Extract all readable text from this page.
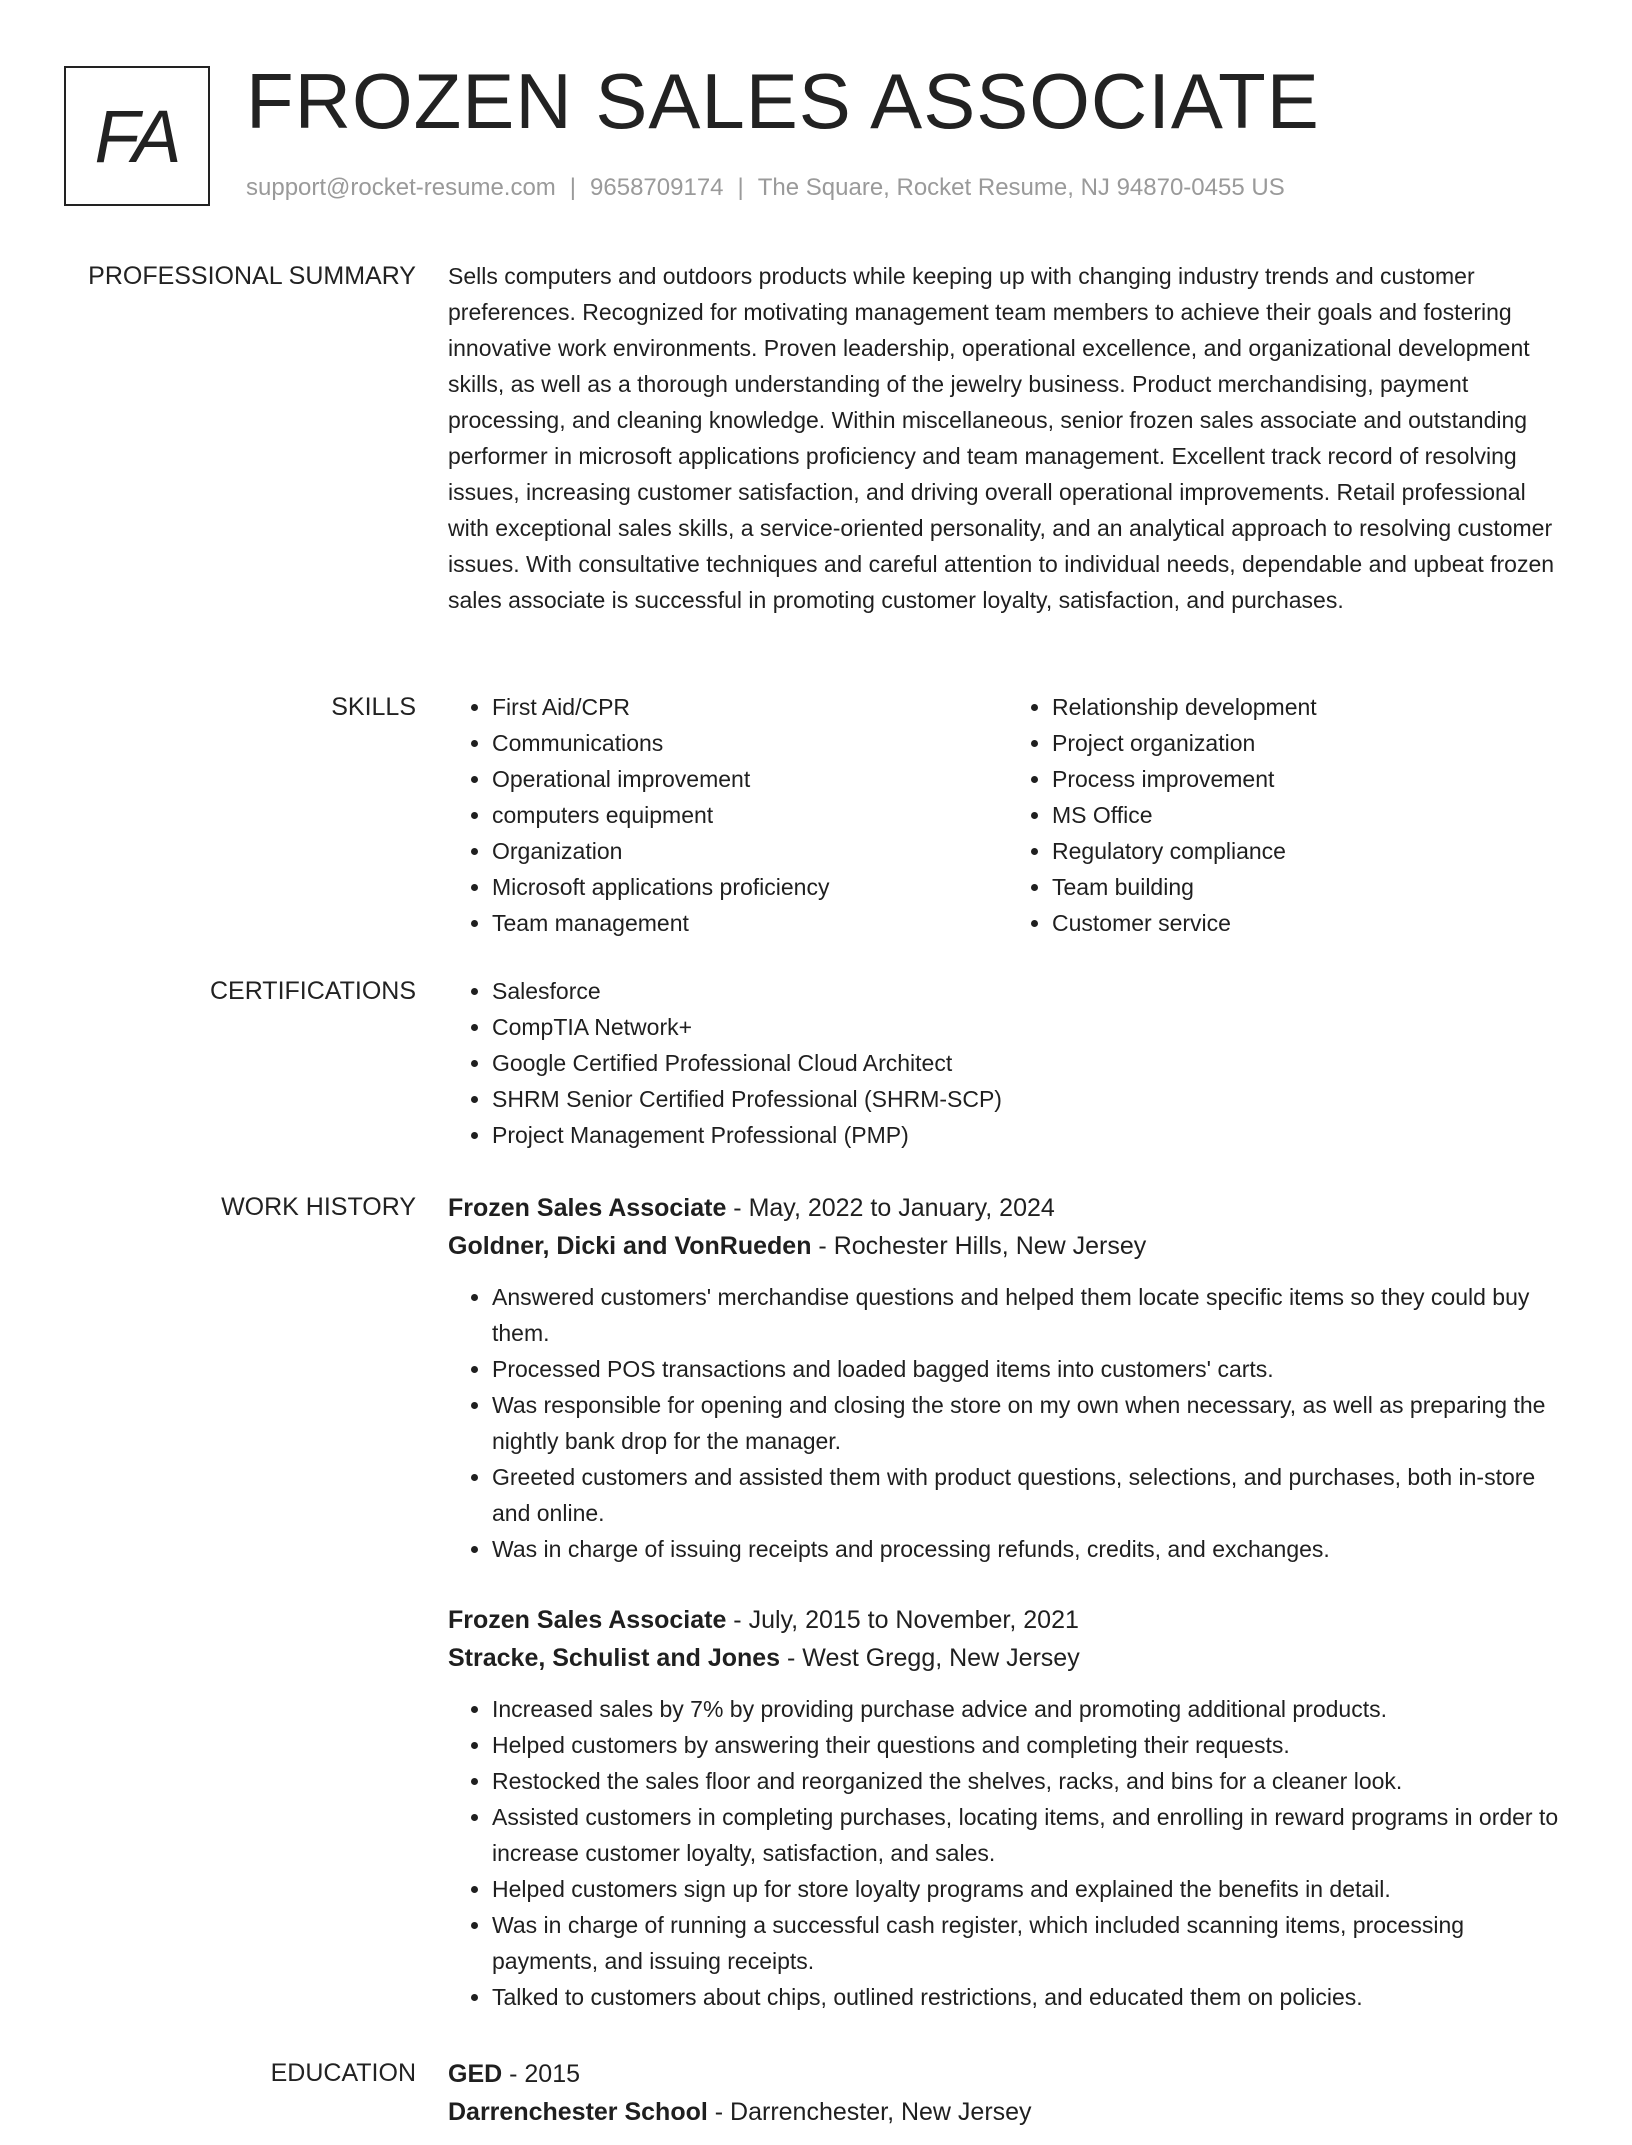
FA FROZEN SALES ASSOCIATE
support@rocket-resume.com | 9658709174 | The Square, Rocket Resume, NJ 94870-0455 US
PROFESSIONAL SUMMARY Sells computers and outdoors products while keeping up with changing industry trends and customer preferences. Recognized for motivating management team members to achieve their goals and fostering innovative work environments. Proven leadership, operational excellence, and organizational development skills, as well as a thorough understanding of the jewelry business. Product merchandising, payment processing, and cleaning knowledge. Within miscellaneous, senior frozen sales associate and outstanding performer in microsoft applications proficiency and team management. Excellent track record of resolving issues, increasing customer satisfaction, and driving overall operational improvements. Retail professional with exceptional sales skills, a service-oriented personality, and an analytical approach to resolving customer issues. With consultative techniques and careful attention to individual needs, dependable and upbeat frozen sales associate is successful in promoting customer loyalty, satisfaction, and purchases.

SKILLS	• First Aid/CPR
• Communications
• Operational improvement
• computers equipment
• Organization
• Microsoft applications proficiency
• Team management
• Relationship development
• Project organization
• Process improvement
• MS Office
• Regulatory compliance
• Team building
• Customer service
CERTIFICATIONS	• Salesforce
• CompTIA Network+
• Google Certified Professional Cloud Architect
• SHRM Senior Certified Professional (SHRM-SCP)
• Project Management Professional (PMP)
WORK HISTORY Frozen Sales Associate - May, 2022 to January, 2024

Goldner, Dicki and VonRueden - Rochester Hills, New Jersey

• Answered customers' merchandise questions and helped them locate specific items so they could buy them.
• Processed POS transactions and loaded bagged items into customers' carts.
• Was responsible for opening and closing the store on my own when necessary, as well as preparing the nightly bank drop for the manager.
• Greeted customers and assisted them with product questions, selections, and purchases, both in-store and online.
• Was in charge of issuing receipts and processing refunds, credits, and exchanges.

Frozen Sales Associate - July, 2015 to November, 2021

Stracke, Schulist and Jones - West Gregg, New Jersey

• Increased sales by 7% by providing purchase advice and promoting additional products.
• Helped customers by answering their questions and completing their requests.
• Restocked the sales floor and reorganized the shelves, racks, and bins for a cleaner look.
• Assisted customers in completing purchases, locating items, and enrolling in reward programs in order to increase customer loyalty, satisfaction, and sales.
• Helped customers sign up for store loyalty programs and explained the benefits in detail.
• Was in charge of running a successful cash register, which included scanning items, processing payments, and issuing receipts.
• Talked to customers about chips, outlined restrictions, and educated them on policies.
EDUCATION GED - 2015

Darrenchester School - Darrenchester, New Jersey
